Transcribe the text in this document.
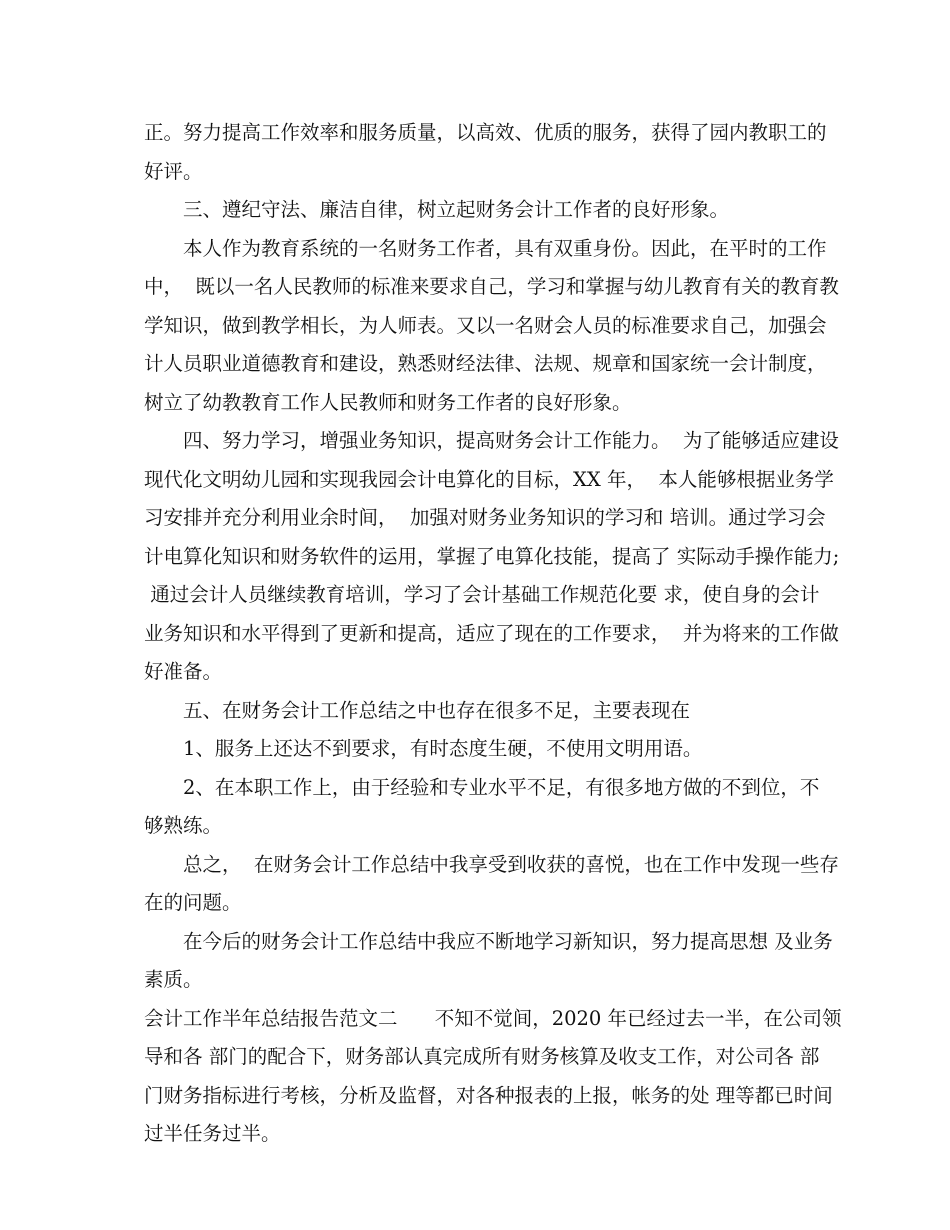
正。努力提高工作效率和服务质量，以高效、优质的服务，获得了园内教职工的
好评。
三、遵纪守法、廉洁自律，树立起财务会计工作者的良好形象。
本人作为教育系统的一名财务工作者，具有双重身份。因此，在平时的工作
中，  既以一名人民教师的标准来要求自己，学习和掌握与幼儿教育有关的教育教
学知识，做到教学相长，为人师表。又以一名财会人员的标准要求自己，加强会
计人员职业道德教育和建设，熟悉财经法律、法规、规章和国家统一会计制度，
树立了幼教教育工作人民教师和财务工作者的良好形象。
四、努力学习，增强业务知识，提高财务会计工作能力。  为了能够适应建设
现代化文明幼儿园和实现我园会计电算化的目标，XX 年，  本人能够根据业务学
习安排并充分利用业余时间，  加强对财务业务知识的学习和 培训。通过学习会
计电算化知识和财务软件的运用，掌握了电算化技能，提高了 实际动手操作能力;
通过会计人员继续教育培训，学习了会计基础工作规范化要 求，使自身的会计
业务知识和水平得到了更新和提高，适应了现在的工作要求，  并为将来的工作做
好准备。
五、在财务会计工作总结之中也存在很多不足，主要表现在
1、服务上还达不到要求，有时态度生硬，不使用文明用语。
2、在本职工作上，由于经验和专业水平不足，有很多地方做的不到位，不
够熟练。
总之，  在财务会计工作总结中我享受到收获的喜悦，也在工作中发现一些存
在的问题。
在今后的财务会计工作总结中我应不断地学习新知识，努力提高思想 及业务
素质。
会计工作半年总结报告范文二      不知不觉间，2020 年已经过去一半，在公司领
导和各 部门的配合下，财务部认真完成所有财务核算及收支工作，对公司各 部
门财务指标进行考核，分析及监督，对各种报表的上报，帐务的处 理等都已时间
过半任务过半。
